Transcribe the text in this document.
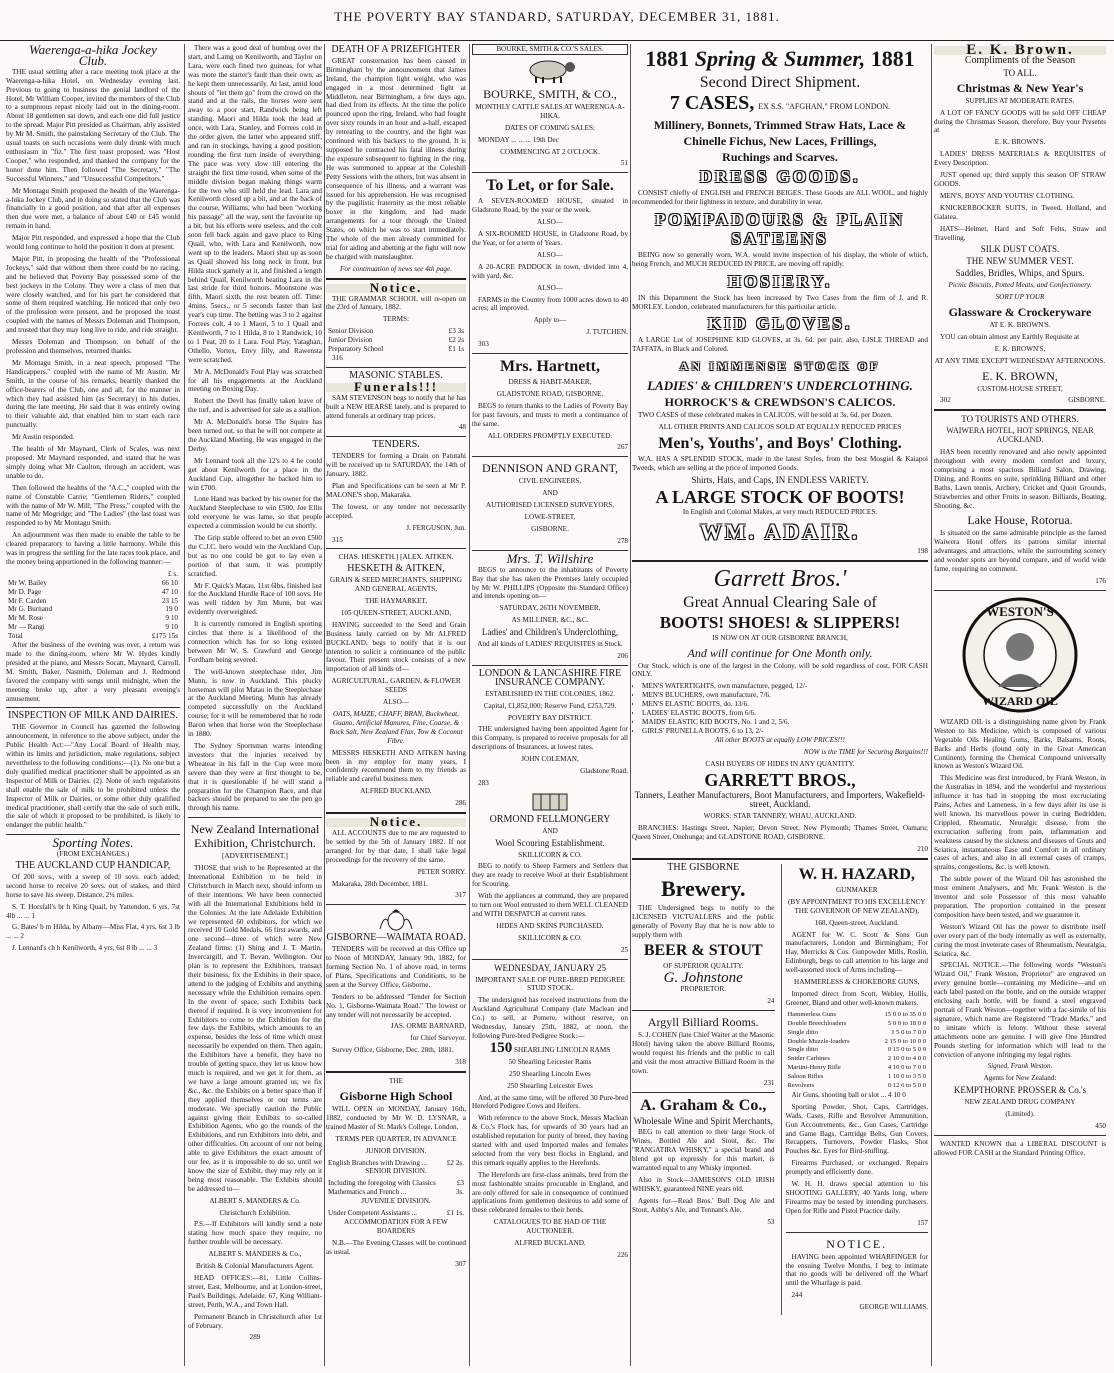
THE POVERTY BAY STANDARD, SATURDAY, DECEMBER 31, 1881.
Waerenga-a-hika Jockey
Club.

THE usual settling after a race meeting took place at the Waerenga-a-hika Hotel, on Wednesday evening last. Previous to going to business the genial landlord of the Hotel, Mr William Cooper, invited the members of the Club to a sumptuous repast nicely laid out in the dining-room. About 18 gentlemen sat down, and each one did full justice to the spread. Major Pitt presided as Chairman, ably assisted by Mr M. Smith, the painstaking Secretary of the Club. The usual toasts on such occasions were duly drunk with much enthusiasm in "fiz." The first toast proposed, was "Host Cooper," who responded, and thanked the company for the honor done him. Then followed "The Secretary," "The Successful Winners," and "Unsuccessful Competitors."

Mr Montagu Smith proposed the health of the Waerenga-a-hika Jockey Club, and in doing so stated that the Club was financially in a good position, and that after all expenses then due were met, a balance of about £40 or £45 would remain in hand.

Major Pitt responded, and expressed a hope that the Club would long continue to hold the position it does at present.

Major Pitt, in proposing the health of the "Professional Jockeys," said that without them there could be no racing, and he believed that Poverty Bay possessed some of the best jockeys in the Colony. They were a class of men that were closely watched, and for his part he considered that some of them required watching. He noticed that only two of the profession were present, and he proposed the toast coupled with the names of Messrs Doleman and Thompson, and trusted that they may long live to ride, and ride straight.

Messrs Doleman and Thompson, on behalf of the profession and themselves, returned thanks.

Mr Montagu Smith, in a neat speech, proposed "The Handicappers," coupled with the name of Mr Austin. Mr Smith, in the course of his remarks, heartily thanked the office-bearers of the Club, one and all, for the manner in which they had assisted him (as Secretary) in his duties, during the late meeting. He said that it was entirely owing to their valuable aid, that enabled him to start each race punctually.

Mr Austin responded.

The health of Mr Maynard, Clerk of Scales, was next proposed. Mr Maynard responded, and stated that he was simply doing what Mr Caulton, through an accident, was unable to do.

Then followed the healths of the "A.C.," coupled with the name of Constable Carrie; "Gentlemen Riders," coupled with the name of Mr W. Mill; "The Press," coupled with the name of Mr Mogridge; and "The Ladies" (the last toast was responded to by Mr Montagu Smith.

An adjournment was then made to enable the table to be cleared preparatory to having a little harmony. While this was in progress the settling for the late races took place, and the money being apportioned in the following manner:—

	£ s.
Mr W. Bailey	66 10
Mr D. Page	47 10
Mr F. Carden	23 15
Mr G. Burnand	19 0
Mr M. Rose	9 10
Mr — Rangi	9 10
Total	£175 15s

After the business of the evening was over, a return was made to the dining-room, where Mr W. Hydes kindly presided at the piano, and Messrs Socatt, Maynard, Carroll, M. Smith, Baker, Nasmith, Doleman and J. Redmond favored the company with songs until midnight, when the meeting broke up, after a very pleasant evening's amusement.

INSPECTION OF MILK AND DAIRIES.

THE Governor in Council has gazetted the following announcement, in reference to the above subject, under the Public Health Act:—"Any Local Board of Health may, within its limits and jurisdiction, make regulations, subject nevertheless to the following conditions:—(1). No one but a duly qualified medical practitioner shall be appointed as an Inspector of Milk or Dairies. (2). None of such regulations shall enable the sale of milk to be prohibited unless the Inspector of Milk or Dairies, or some other duly qualified medical practitioner, shall certify that the sale of such milk, the sale of which it proposed to be prohibited, is likely to endanger the public health."

Sporting Notes.

(FROM EXCHANGES.)

THE AUCKLAND CUP HANDICAP,

Of 200 sovs., with a sweep of 10 sovs. each added; second horse to receive 20 sovs. out of stakes, and third horse to save his sweep. Distance, 2¼ miles.

S. T. Horsfall's br h King Quail, by Yattendon, 6 yrs, 7st 4lb ... ... 1

G. Bates' b m Hilda, by Albany—Miss Flat, 4 yrs, 6st 3 lb ... ... 2

J. Lennard's ch h Kenilworth, 4 yrs, 6st 8 lb ... ... 3

There was a good deal of humbug over the start, and Lamg on Kenilworth, and Taylor on Lara, were each fined two guineas, for what was more the starter's fault than their own, as he kept them unnecessarily. At last, amid loud shouts of "let them go" from the crowd on the stand and at the rails, the horses were sent away to a poor start, Randwick being left standing. Maori and Hilda took the lead at once, with Lara, Stanley, and Forrees cold in the order given, the latter who appeared stiff, and ran in stockings, having a good position, rounding the first turn inside of everything. The pace was very slow till entering the straight the first time round, when some of the middle division began making things warm for the two who still held the lead. Lara and Kenilworth closed up a bit, and at the back of the course, Williams, who had been "working his passage" all the way, sent the favourite up a bit, but his efforts were useless, and the colt soon fell back again and gave place to King Quail, who, with Lara and Kenilworth, now went up to the leaders. Maori shut up as soon as Quail showed his long neck in front, but Hilda stuck gamely at it, and finished a length behind Quail, Kenilworth beating Lara in the last stride for third honors. Moonstone was fifth, Maori sixth, the rest beaten off. Time: 4mins. 5secs., or 5 seconds faster than last year's cup time. The betting was 3 to 2 against Forrees colt, 4 to 1 Maori, 5 to 1 Quail and Kenilworth, 7 to 1 Hilda, 8 to 1 Randwick, 10 to 1 Peat, 20 to 1 Lara. Foul Play, Yataghan, Othello, Vortex, Envy filly, and Rawensta were scratched.

Mr A. McDonald's Foul Play was scratched for all his engagements at the Auckland meeting on Boxing Day.

Robert the Devil has finally taken leave of the turf, and is advertised for sale as a stallion.

Mr A. McDonald's horse The Squire has been turned out, so that he will not compete at the Auckland Meeting. He was engaged in the Derby.

Mr Lennard took all the 12's to 4 he could get about Kenilworth for a place in the Auckland Cup, altogether he backed him to win £700.

Lone Hand was backed by his owner for the Auckland Steeplechase to win £500. Joe Ellis told everyone he was lame, so that people expected a commission would be cut shortly.

The Grip stable offered to bet an even £500 the C.J.C. hero would win the Auckland Cup, but as no one could be got to lay even a portion of that sum, it was promptly scratched.

Mr F. Quick's Matau, 11st 6lbs, finished last for the Auckland Hurdle Race of 100 sovs. He was well ridden by Jim Munn, but was evidently overweighted.

It is currently rumored in English sporting circles that there is a likelihood of the connection which has for so long existed between Mr W. S. Crawfurd and George Fordham being severed.

The well-known steeplechase rider, Jim Munn, is now in Auckland. This plucky horseman will pilot Matau in the Steeplechase at the Auckland Meeting. Munn has already competed successfully on the Auckland course; for it will be remembered that he rode Baron when that horse won the Steeplechase in 1880.

The Sydney Sportsman warns intending investors that the injuries received by Wheatear in his fall in the Cup were more severe than they were at first thought to be, that it is questionable if he will stand a preparation for the Champion Race, and that backers should be prepared to see the pen go through his name.

New Zealand International Exhibition, Christchurch.

[ADVERTISEMENT.]

THOSE that wish to be Represented at the International Exhibition to be held in Christchurch in March next, should inform us of their intentions. We have been connected with all the International Exhibitions held in the Colonies. At the late Adelaide Exhibition we represented 60 exhibitors, for which we received 10 Gold Medals, 66 first awards, and one second—three of which were New Zealand firms: (1) Shing and J. T. Martin, Invercargill, and T. Bevan, Wellington. Our plan is to represent the Exhibitors, transact their business, fix the Exhibits in their space, attend to the judging of Exhibits and anything necessary while the Exhibition remains open. In the event of space, such Exhibits back thereof if required. It is very inconvenient for Exhibitors to come to the Exhibition for the few days the Exhibits, which amounts to an expense, besides the loss of time which must necessarily be expended on them. Then again, the Exhibitors have a benefit, they have no trouble of getting space, they let us know how much is required, and we get it for them, as we have a large amount granted us; we fix &c., &c. the Exhibits on a better space than if they applied themselves or our terms are moderate. We specially caution the Public against giving their Exhibits to so-called Exhibition Agents, who go the rounds of the Exhibitions, and run Exhibitors into debt, and other difficulties. On account of our not being able to give Exhibitors the exact amount of our fee, as it is impossible to do so, until we know the size of Exhibit, they may rely on it being most reasonable. The Exhibits should be addressed to—

ALBERT S. MANDERS & Co.

Christchurch Exhibition.

P.S.—If Exhibitors will kindly send a note stating how much space they require, no further trouble will be necessary.

ALBERT S. MANDERS & Co.,

British & Colonial Manufacturers Agent.

HEAD OFFICES:—81, Little Collins-street, East, Melbourne, and at London-street, Paul's Buildings, Adelaide. 67, King William-street, Perth, W.A., and Town Hall.

Permanent Branch in Christchurch after 1st of February.

289

DEATH OF A PRIZEFIGHTER

GREAT consternation has been caused in Birmingham by the announcement that James Ireland, the champion light weight, who was engaged in a most determined fight at Middleton, near Birmingham, a few days ago, had died from its effects. At the time the police pounced upon the ring, Ireland, who had fought over sixty rounds in an hour and a-half, escaped by retreating to the country, and the fight was continued with his backers to the ground. It is supposed he contracted his fatal illness during the exposure subsequent to fighting in the ring. He was summoned to appear at the Coleshill Petty Sessions with the others, but was absent in consequence of his illness, and a warrant was issued for his apprehension. He was recognised by the pugilistic fraternity as the most reliable boxer in the kingdom, and had made arrangements for a tour through the United States, on which he was to start immediately. The whole of the men already committed for trial for aiding and abetting at the fight will now be charged with manslaughter.

For continuation of news see 4th page.

Notice.

THE GRAMMAR SCHOOL will re-open on the 23rd of January, 1882.

TERMS:

Senior Division	£3 3s
Junior Division	£2 2s
Preparatory School	£1 1s

316

MASONIC STABLES.
Funerals!!!

SAM STEVENSON begs to notify that he has built a NEW HEARSE lately, and is prepared to attend funerals at ordinary trap prices.

48

TENDERS.

TENDERS for forming a Drain on Patutahi will be received up to SATURDAY, the 14th of January, 1882.

Plan and Specifications can be seen at Mr P. MALONE'S shop, Makaraka.

The lowest, or any tender not necessarily accepted.

J. FERGUSON, Jun.

315

CHAS. HESKETH.] [ALEX. AITKEN.

HESKETH & AITKEN,

GRAIN & SEED MERCHANTS, SHIPPING AND GENERAL AGENTS,

THE HAYMARKET,

105 QUEEN-STREET, AUCKLAND,

HAVING succeeded to the Seed and Grain Business lately carried on by Mr ALFRED BUCKLAND, begs to notify that it is our intention to solicit a continuance of the public favour. Their present stock consists of a new importation of all kinds of—

AGRICULTURAL, GARDEN, & FLOWER SEEDS

ALSO—

OATS, MAIZE, CHAFF, BRAN, Buckwheat, Guano, Artificial Manures, Fine, Coarse, & Rock Salt, New Zealand Flax, Tow & Coconut Fibre.

MESSRS HESKETH AND AITKEN having been in my employ for many years, I confidently recommend them to my friends as reliable and careful business men.

ALFRED BUCKLAND.

286

Notice.

ALL ACCOUNTS due to me are requested to be settled by the 5th of January 1882. If not arranged for by that date, I shall take legal proceedings for the recovery of the same.

PETER SORRY.

Makaraka, 28th December, 1881.

317

GISBORNE—WAIMATA ROAD.

TENDERS will be received at this Office up to Noon of MONDAY, January 9th, 1882, for forming Section No. 1 of above road, in terms of Plans, Specifications and Conditions, to be seen at the Survey Office, Gisborne.

Tenders to be addressed "Tender for Section No. 1, Gisborne-Waimata Road." The lowest or any tender will not necessarily be accepted.

JAS. ORME BARNARD,

for Chief Surveyor.

Survey Office, Gisborne, Dec. 28th, 1881.

318

THE

Gisborne High School

WILL OPEN on MONDAY, January 16th, 1882, conducted by Mr W. D. LYSNAR, a trained Master of St. Mark's College, London.

TERMS PER QUARTER, IN ADVANCE

JUNIOR DIVISION.

English Branches with Drawing ...	£2 2s.

SENIOR DIVISION.

Including the foregoing with Classics Mathematics and French ...	£3 3s.

JUVENILE DIVISION.

Under Competent Assistants ...	£1 1s.

ACCOMMODATION FOR A FEW BOARDERS

N.B.—The Evening Classes will be continued as usual.

307

BOURKE, SMITH & CO.'S SALES.

BOURKE, SMITH, & CO.,

MONTHLY CATTLE SALES AT WAERENGA-A-HIKA.

DATES OF COMING SALES:

MONDAY ... ... ... 19th Dec

COMMENCING AT 2 O'CLOCK.

51

To Let, or for Sale.

A SEVEN-ROOMED HOUSE, situated in Gladstone Road, by the year or the week.

ALSO—

A SIX-ROOMED HOUSE, in Gladstone Road, by the Year, or for a term of Years.

ALSO—

A 20-ACRE PADDOCK in town, divided into 4, with yard, &c.

ALSO—

FARMS in the Country from 1000 acres down to 40 acres; all improved.

Apply to—

J. TUTCHEN.

303

Mrs. Hartnett,

DRESS & HABIT-MAKER,

GLADSTONE ROAD, GISBORNE.

BEGS to return thanks to the Ladies of Poverty Bay for past favours, and trusts to merit a continuance of the same.

ALL ORDERS PROMPTLY EXECUTED.

267

DENNISON AND GRANT,

CIVIL ENGINEERS,

AND

AUTHORISED LICENSED SURVEYORS,

LOWE-STREET,

GISBORNE.

278

Mrs. T. Willshire

BEGS to announce to the inhabitants of Poverty Bay that she has taken the Premises lately occupied by Mr W. PHILLIPS (Opposite the Standard Office) and intends opening on—

SATURDAY, 26TH NOVEMBER,

AS MILLINER, &C., &C.

Ladies' and Children's Underclothing,

And all kinds of LADIES' REQUISITES in Stock.

206

LONDON & LANCASHIRE FIRE INSURANCE COMPANY.

ESTABLISHED IN THE COLONIES, 1862.

Capital, £1,852,000; Reserve Fund, £253,729.

POVERTY BAY DISTRICT.

THE undersigned having been appointed Agent for this Company, is prepared to receive proposals for all descriptions of Insurances, at lowest rates.

JOHN COLEMAN,

Gladstone Road.

283

ORMOND FELLMONGERY

AND

Wool Scouring Establishment.

SKILLICORN & CO.

BEG to notify to Sheep Farmers and Settlers that they are ready to receive Wool at their Establishment for Scouring.

With the appliances at command, they are prepared to turn out Wool entrusted to them WELL CLEANED and WITH DESPATCH at current rates.

HIDES AND SKINS PURCHASED.

SKILLICORN & CO.

25

WEDNESDAY, JANUARY 25

IMPORTANT SALE OF PURE-BRED PEDIGREE STUD STOCK.

The undersigned has received instructions from the Auckland Agricultural Company (late Maclean and Co.) to sell, at Pomere, without reserve, on Wednesday, January 25th, 1882, at noon, the following Pure-bred Pedigree Stock:—

150 SHEARLING LINCOLN RAMS

50 Shearling Leicester Rams

250 Shearling Lincoln Ewes

250 Shearling Leicester Ewes

And, at the same time, will be offered 30 Pure-bred Hereford Pedigree Cows and Heifers.

With reference to the above Stock, Messrs Maclean & Co.'s Flock has, for upwards of 30 years had an established reputation for purity of breed, they having started with and used Imported males and females selected from the very best flocks in England, and this remark equally applies to the Herefords.

The Herefords are first-class animals, bred from the most fashionable strains procurable in England, and are only offered for sale in consequence of continued applications from gentlemen desirous to add some of these celebrated females to their herds.

CATALOGUES TO BE HAD OF THE AUCTIONEER.

ALFRED BUCKLAND.

226

1881 Spring & Summer, 1881
Second Direct Shipment.
7 CASES, EX S.S. "AFGHAN," FROM LONDON.
Millinery, Bonnets, Trimmed Straw Hats, Lace &
Chinelle Fichus, New Laces, Frillings,
Ruchings and Scarves.
DRESS GOODS.

CONSIST chiefly of ENGLISH and FRENCH BEIGES. These Goods are ALL WOOL, and highly recommended for their lightness in texture, and durability in wear.

POMPADOURS & PLAIN SATEENS

BEING now so generally worn, W.A. would invite inspection of his display, the whole of which, being French, and MUCH REDUCED IN PRICE, are moving off rapidly.

HOSIERY.

IN this Department the Stock has been increased by Two Cases from the firm of J. and R. MORLEY, London, celebrated manufacturers for this particular article.

KID GLOVES.

A LARGE Lot of JOSEPHINE KID GLOVES, at 3s. 6d. per pair; also, LISLE THREAD and TAFFATA, in Black and Colored.

AN IMMENSE STOCK OF
LADIES' & CHILDREN'S UNDERCLOTHING.
HORROCK'S & CREWDSON'S CALICOS.

TWO CASES of these celebrated makes in CALICOS, will be sold at 3s. 6d. per Dozen.

ALL OTHER PRINTS AND CALICOS SOLD AT EQUALLY REDUCED PRICES

Men's, Youths', and Boys' Clothing.

W.A. HAS A SPLENDID STOCK, made in the latest Styles, from the best Mosgiel & Kaiapoi Tweeds, which are selling at the price of imported Goods.

Shirts, Hats, and Caps, IN ENDLESS VARIETY.

A LARGE STOCK OF BOOTS!

In English and Colonial Makes, at very much REDUCED PRICES.

WM. ADAIR.

198

Garrett Bros.'
Great Annual Clearing Sale of
BOOTS! SHOES! & SLIPPERS!

IS NOW ON AT OUR GISBORNE BRANCH,

And will continue for One Month only.

Our Stock, which is one of the largest in the Colony, will be sold regardless of cost, FOR CASH ONLY.

• MEN'S WATERTIGHTS, own manufacture, pegged, 12/-
• MEN'S BLUCHERS, own manufacture, 7/6.
• MEN'S ELASTIC BOOTS, do. 13/6.
• LADIES' ELASTIC BOOTS, from 6/6.
• MAIDS' ELASTIC KID BOOTS, No. 1 and 2, 5/6.
• GIRLS' PRUNELLA BOOTS, 6 to 13, 2/-

All other BOOTS at equally LOW PRICES!!!

NOW is the TIME for Securing Bargains!!!

CASH BUYERS OF HIDES IN ANY QUANTITY.

GARRETT BROS.,

Tanners, Leather Manufacturers, Boot Manufacturers, and Importers, Wakefield-street, Auckland.

WORKS: STAR TANNERY, WHAU, AUCKLAND.

BRANCHES: Hastings Street, Napier; Devon Street, New Plymouth; Thames Street, Oamaru; Queen Street, Onehunga; and GLADSTONE ROAD, GISBORNE.

210

THE GISBORNE

Brewery.

THE Undersigned begs to notify to the LICENSED VICTUALLERS and the public generally of Poverty Bay that he is now able to supply them with

BEER & STOUT

OF SUPERIOR QUALITY.

G. Johnstone

PROPRIETOR.

24

Argyll Billiard Rooms.

S. J. COHEN (late Chief Waiter at the Masonic Hotel) having taken the above Billiard Rooms, would request his friends and the public to call and visit the most attractive Billiard Room in the town.

231

A. Graham & Co.,

Wholesale Wine and Spirit Merchants,

BEG to call attention to their large Stock of Wines, Bottled Ale and Stout, &c. The "RANGATIRA WHISKY," a special brand and blend got up expressly for this market, is warranted equal to any Whisky imported.

Also in Stock—JAMIESON'S OLD IRISH WHISKY, guaranteed NINE years old.

Agents for—Read Bros.' Bull Dog Ale and Stout, Ashby's Ale, and Tennant's Ale.

53

W. H. HAZARD,

GUNMAKER

(BY APPOINTMENT TO HIS EXCELLENCY THE GOVERNOR OF NEW ZEALAND),

168, Queen-street, Auckland.

AGENT for W. C. Scott & Sons Gun manufacturers, London and Birmingham; For Hay, Merricks & Cos. Gunpowder Mills, Roslin, Edinburgh, begs to call attention to his large and well-assorted stock of Arms including—

HAMMERLESS & CHOKEBORE GUNS,

Imported direct from Scott, Webley, Hollis, Greener, Bland and other well-known makers.

Hammerless Guns	15 0 0 to 35 0 0
Double Breechloaders	5 0 0 to 18 0 0
Single ditto	1 5 0 to 7 0 0
Double Muzzle-loaders	2 15 0 to 10 0 0
Single ditto	0 15 0 to 5 0 0
Snider Carbines	2 10 0 to 4 0 0
Martini-Henry Rifle	4 10 0 to 7 0 0
Saloon Rifles	1 10 0 to 3 5 0
Revolvers	0 12 6 to 5 0 0

Air Guns, shooting ball or slot ... 4 10 0

Sporting Powder, Shot, Caps, Cartridges, Wads, Cases, Rifle and Revolver Ammunition, Gun Accoutrements, &c., Gun Cases, Cartridge and Game Bags, Cartridge Belts, Gun Covers, Recappers, Turnovers, Powder Flasks, Shot Pouches &c. Eyes for Bird-stuffing.

Firearms Purchased, or exchanged. Repairs promptly and efficiently done.

W. H. H. draws special attention to his SHOOTING GALLERY, 40 Yards long, where Firearms may be tested by intending purchasers. Open for Rifle and Pistol Practice daily.

157

NOTICE.

HAVING been appointed WHARFINGER for the ensuing Twelve Months, I beg to intimate that no goods will be delivered off the Wharf until the Wharfage is paid.

244

GEORGE WILLIAMS.

E. K. Brown.

Compliments of the Season

TO ALL.

Christmas & New Year's

SUPPLIES AT MODERATE RATES.

A LOT OF FANCY GOODS will be sold OFF CHEAP during the Christmas Season, therefore, Buy your Presents at

E. K. BROWN'S.

LADIES' DRESS MATERIALS & REQUISITES of Every Description.

JUST opened up; third supply this season OF STRAW GOODS.

MEN'S, BOYS' AND YOUTHS' CLOTHING.

KNICKERBOCKER SUITS, in Tweed, Holland, and Galatea.

HATS—Helmet, Hard and Soft Felts, Straw and Travelling.

SILK DUST COATS.

THE NEW SUMMER VEST.

Saddles, Bridles, Whips, and Spurs.

Picnic Biscuits, Potted Meats, and Confectionery.

SORT UP YOUR

Glassware & Crockeryware

AT E. K. BROWN'S.

YOU can obtain almost any Earthly Requisite at

E. K. BROWN'S,

AT ANY TIME EXCEPT WEDNESDAY AFTERNOONS.

E. K. BROWN,

CUSTOM-HOUSE STREET,

302	GISBORNE.

TO TOURISTS AND OTHERS.

WAIWERA HOTEL, HOT SPRINGS, NEAR AUCKLAND.

HAS been recently renovated and also newly appointed throughout with every modern comfort and luxury, comprising a most spacious Billiard Salon, Drawing, Dining, and Rooms en suite, sprinkling Billiard and other Baths, Lawn tennis, Archery, Cricket and Quoit Grounds, Strawberries and other Fruits in season. Billiards, Boating, Shooting, &c.

Lake House, Rotorua.

Is situated on the same admirable principle as the famed Waiwera Hotel offers its patrons similar internal advantages, and attractions, while the surrounding scenery and wonder spots are beyond compare, and of world wide fame, requiring no comment.

176

WESTON'S
WIZARD OIL

WIZARD OIL is a distinguishing name given by Frank Weston to his Medicine, which is composed of various Vegetable Oils Healing Gums, Barks, Balsams, Roots, Barks and Herbs (found only in the Great American Continent), forming the Chemical Compound universally known as Weston's Wizard Oil.

This Medicine was first introduced, by Frank Weston, in the Australias in 1894, and the wonderful and mysterious influence it has had in stopping the most excruciating Pains, Aches and Lameness, in a few days after its use is well known. Its marvellous power in curing Bedridden, Crippled, Rheumatic, Neuralgic disease, from the excruciation suffering from pain, inflammation and weakness caused by the sickness and diseases of Gouts and Sciatica, instantaneous Ease and Comfort in all ordinary cases of aches, and also in all external cases of cramps, sprains, congestions, &c. is well known.

The subtle power of the Wizard Oil has astonished the most eminent Analysers, and Mr. Frank Weston is the inventor and sole Possessor of this most valuable preparation. The proportion contained in the present composition have been tested, and we guarantee it.

Weston's Wizard Oil has the power to distribute itself over every part of the body internally as well as externally, curing the most inveterate cases of Rheumatism, Neuralgia, Sciatica, &c.

SPECIAL NOTICE.—The following words "Weston's Wizard Oil," Frank Weston, Proprietor" are engraved on every genuine bottle—containing my Medicine—and on each label pasted on the bottle, and on the outside wrapper enclosing each bottle, will be found a steel engraved portrait of Frank Weston—together with a fac-simile of his signature, which name are Registered "Trade Marks," and to imitate which is felony. Without these several attachments none are genuine. I will give One Hundred Pounds sterling for information which will lead to the conviction of anyone infringing my legal rights.

Signed, Frank Weston.

Agents for New Zealand:

KEMPTHORNE PROSSER & Co.'s

NEW ZEALAND DRUG COMPANY

(Limited).

450

WANTED KNOWN that a LIBERAL DISCOUNT is allowed FOR CASH at the Standard Printing Office.
